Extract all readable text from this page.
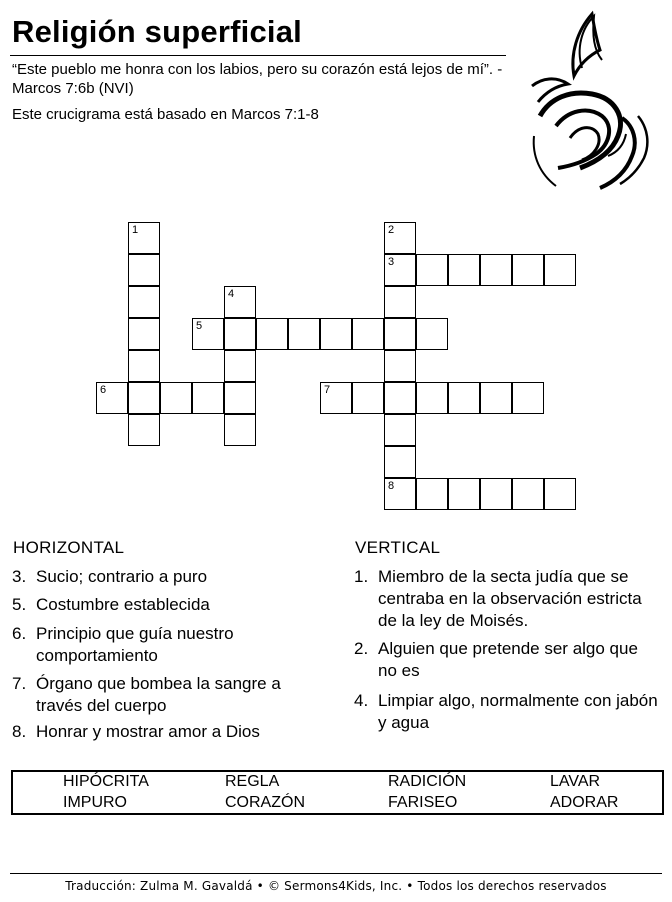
Religión superficial
“Este pueblo me honra con los labios, pero su corazón está lejos de mí”. - Marcos 7:6b (NVI)
Este crucigrama está basado en Marcos 7:1-8
1	2
3
8
4
5
6	7
HORIZONTAL
3. Sucio; contrario a puro
5. Costumbre establecida
6. Principio que guía nuestro comportamiento
7. Órgano que bombea la sangre a través del cuerpo
8. Honrar y mostrar amor a Dios
VERTICAL
1. Miembro de la secta judía que se centraba en la observación estricta de la ley de Moisés.
2. Alguien que pretende ser algo que no es
4. Limpiar algo, normalmente con jabón y agua
HIPÓCRITA	REGLA	RADICIÓN	LAVAR
IMPURO	CORAZÓN	FARISEO	ADORAR
Traducción: Zulma M. Gavaldá • © Sermons4Kids, Inc. • Todos los derechos reservados
